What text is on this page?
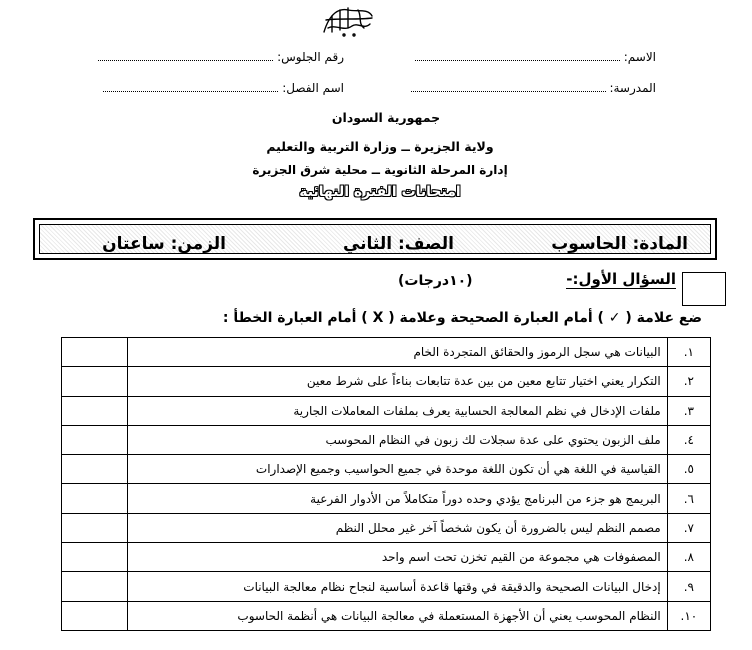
الاسم:
رقم الجلوس:
المدرسة:
اسم الفصل:
جمهورية السودان
ولاية الجزيرة ــ وزارة التربية والتعليم
إدارة المرحلة الثانوية ــ محلية شرق الجزيرة
امتحانات الفترة النهائية
المادة: الحاسوب
الصف: الثاني
الزمن: ساعتان
السؤال الأول:-
(١٠درجات)
ضع علامة ( ✓ ) أمام العبارة الصحيحة وعلامة ( X ) أمام العبارة الخطأ :
.١	البيانات هي سجل الرموز والحقائق المتجردة الخام	
.٢	التكرار يعني اختيار تتابع معين من بين عدة تتابعات بناءاً على شرط معين	
.٣	ملفات الإدخال في نظم المعالجة الحسابية يعرف بملفات المعاملات الجارية	
.٤	ملف الزبون يحتوي على عدة سجلات لك زبون في النظام المحوسب	
.٥	القياسية في اللغة هي أن تكون اللغة موحدة في جميع الحواسيب وجميع الإصدارات	
.٦	البريمج هو جزء من البرنامج يؤدي وحده دوراً متكاملاً من الأدوار الفرعية	
.٧	مصمم النظم ليس بالضرورة أن يكون شخصاً آخر غير محلل النظم	
.٨	المصفوفات هي مجموعة من القيم تخزن تحت اسم واحد	
.٩	إدخال البيانات الصحيحة والدقيقة في وقتها قاعدة أساسية لنجاح نظام معالجة البيانات	
.١٠	النظام المحوسب يعني أن الأجهزة المستعملة في معالجة البيانات هي أنظمة الحاسوب	
